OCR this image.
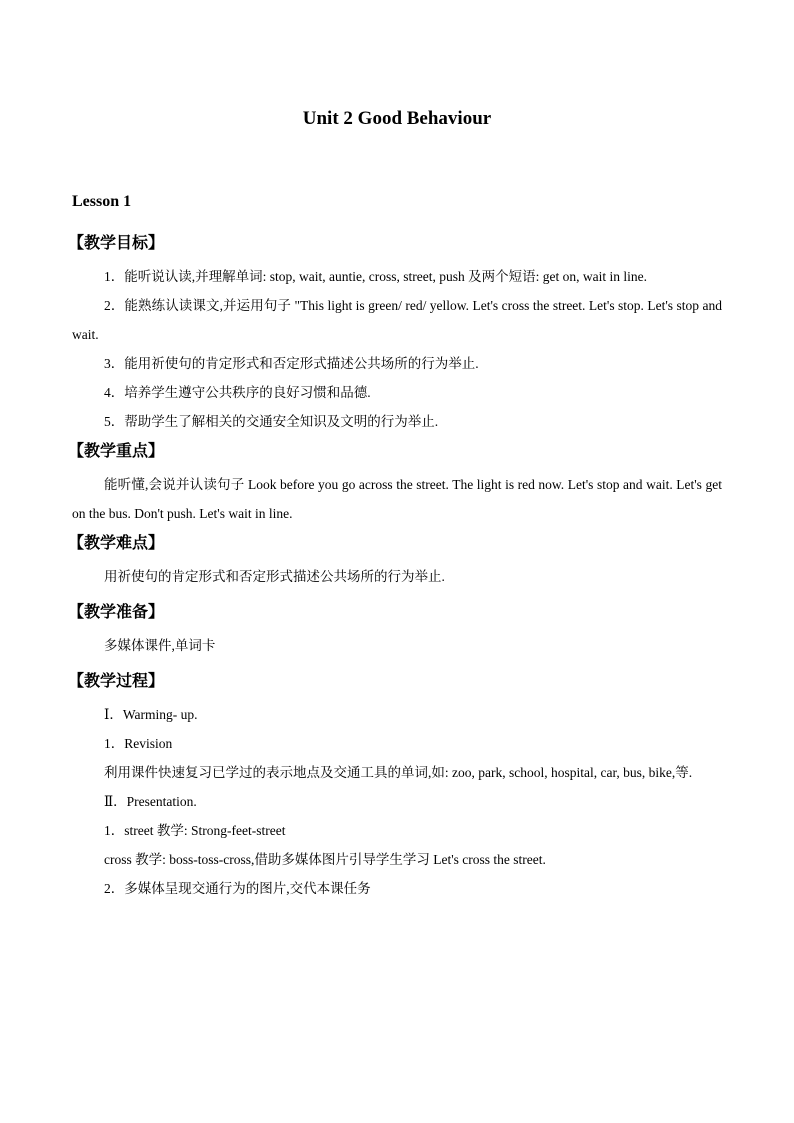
Unit 2 Good Behaviour
Lesson 1
【教学目标】

1．能听说认读,并理解单词: stop, wait, auntie, cross, street, push 及两个短语: get on, wait in line.

2．能熟练认读课文,并运用句子 "This light is green/ red/ yellow. Let's cross the street. Let's stop. Let's stop and wait.

3．能用祈使句的肯定形式和否定形式描述公共场所的行为举止.

4．培养学生遵守公共秩序的良好习惯和品德.

5．帮助学生了解相关的交通安全知识及文明的行为举止.

【教学重点】

能听懂,会说并认读句子 Look before you go across the street. The light is red now. Let's stop and wait. Let's get on the bus. Don't push. Let's wait in line.

【教学难点】

用祈使句的肯定形式和否定形式描述公共场所的行为举止.

【教学准备】

多媒体课件,单词卡

【教学过程】

Ⅰ．Warming- up.

1．Revision

利用课件快速复习已学过的表示地点及交通工具的单词,如: zoo, park, school, hospital, car, bus, bike,等.

Ⅱ．Presentation.

1．street 教学: Strong-feet-street

cross 教学: boss-toss-cross,借助多媒体图片引导学生学习 Let's cross the street.

2．多媒体呈现交通行为的图片,交代本课任务
